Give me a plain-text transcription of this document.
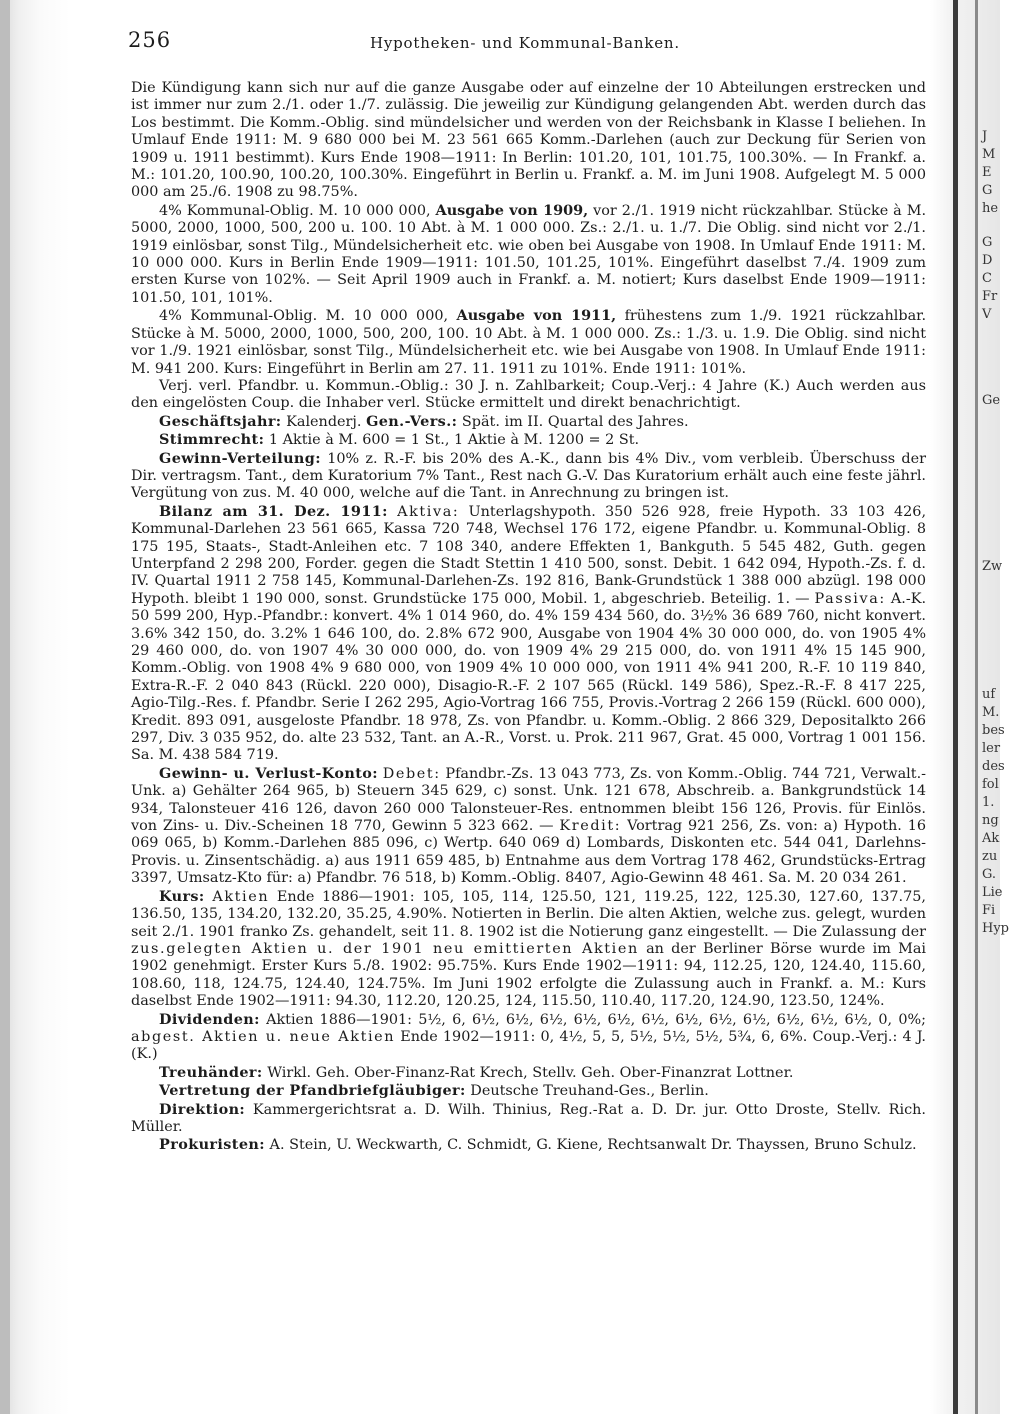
256	Hypotheken- und Kommunal-Banken.

Die Kündigung kann sich nur auf die ganze Ausgabe oder auf einzelne der 10 Abteilungen erstrecken und ist immer nur zum 2./1. oder 1./7. zulässig. Die jeweilig zur Kündigung gelangenden Abt. werden durch das Los bestimmt. Die Komm.-Oblig. sind mündelsicher und werden von der Reichsbank in Klasse I beliehen. In Umlauf Ende 1911: M. 9 680 000 bei M. 23 561 665 Komm.-Darlehen (auch zur Deckung für Serien von 1909 u. 1911 bestimmt). Kurs Ende 1908—1911: In Berlin: 101.20, 101, 101.75, 100.30%. — In Frankf. a. M.: 101.20, 100.90, 100.20, 100.30%. Eingeführt in Berlin u. Frankf. a. M. im Juni 1908. Aufgelegt M. 5 000 000 am 25./6. 1908 zu 98.75%.

4% Kommunal-Oblig. M. 10 000 000, Ausgabe von 1909, vor 2./1. 1919 nicht rückzahlbar. Stücke à M. 5000, 2000, 1000, 500, 200 u. 100. 10 Abt. à M. 1 000 000. Zs.: 2./1. u. 1./7. Die Oblig. sind nicht vor 2./1. 1919 einlösbar, sonst Tilg., Mündelsicherheit etc. wie oben bei Ausgabe von 1908. In Umlauf Ende 1911: M. 10 000 000. Kurs in Berlin Ende 1909—1911: 101.50, 101.25, 101%. Eingeführt daselbst 7./4. 1909 zum ersten Kurse von 102%. — Seit April 1909 auch in Frankf. a. M. notiert; Kurs daselbst Ende 1909—1911: 101.50, 101, 101%.

4% Kommunal-Oblig. M. 10 000 000, Ausgabe von 1911, frühestens zum 1./9. 1921 rückzahlbar. Stücke à M. 5000, 2000, 1000, 500, 200, 100. 10 Abt. à M. 1 000 000. Zs.: 1./3. u. 1.9. Die Oblig. sind nicht vor 1./9. 1921 einlösbar, sonst Tilg., Mündelsicherheit etc. wie bei Ausgabe von 1908. In Umlauf Ende 1911: M. 941 200. Kurs: Eingeführt in Berlin am 27. 11. 1911 zu 101%. Ende 1911: 101%.

Verj. verl. Pfandbr. u. Kommun.-Oblig.: 30 J. n. Zahlbarkeit; Coup.-Verj.: 4 Jahre (K.) Auch werden aus den eingelösten Coup. die Inhaber verl. Stücke ermittelt und direkt benachrichtigt.

Geschäftsjahr: Kalenderj. Gen.-Vers.: Spät. im II. Quartal des Jahres.

Stimmrecht: 1 Aktie à M. 600 = 1 St., 1 Aktie à M. 1200 = 2 St.

Gewinn-Verteilung: 10% z. R.-F. bis 20% des A.-K., dann bis 4% Div., vom verbleib. Überschuss der Dir. vertragsm. Tant., dem Kuratorium 7% Tant., Rest nach G.-V. Das Kuratorium erhält auch eine feste jährl. Vergütung von zus. M. 40 000, welche auf die Tant. in Anrechnung zu bringen ist.

Bilanz am 31. Dez. 1911: Aktiva: Unterlagshypoth. 350 526 928, freie Hypoth. 33 103 426, Kommunal-Darlehen 23 561 665, Kassa 720 748, Wechsel 176 172, eigene Pfandbr. u. Kommunal-Oblig. 8 175 195, Staats-, Stadt-Anleihen etc. 7 108 340, andere Effekten 1, Bankguth. 5 545 482, Guth. gegen Unterpfand 2 298 200, Forder. gegen die Stadt Stettin 1 410 500, sonst. Debit. 1 642 094, Hypoth.-Zs. f. d. IV. Quartal 1911 2 758 145, Kommunal-Darlehen-Zs. 192 816, Bank-Grundstück 1 388 000 abzügl. 198 000 Hypoth. bleibt 1 190 000, sonst. Grundstücke 175 000, Mobil. 1, abgeschrieb. Beteilig. 1. — Passiva: A.-K. 50 599 200, Hyp.-Pfandbr.: konvert. 4% 1 014 960, do. 4% 159 434 560, do. 3½% 36 689 760, nicht konvert. 3.6% 342 150, do. 3.2% 1 646 100, do. 2.8% 672 900, Ausgabe von 1904 4% 30 000 000, do. von 1905 4% 29 460 000, do. von 1907 4% 30 000 000, do. von 1909 4% 29 215 000, do. von 1911 4% 15 145 900, Komm.-Oblig. von 1908 4% 9 680 000, von 1909 4% 10 000 000, von 1911 4% 941 200, R.-F. 10 119 840, Extra-R.-F. 2 040 843 (Rückl. 220 000), Disagio-R.-F. 2 107 565 (Rückl. 149 586), Spez.-R.-F. 8 417 225, Agio-Tilg.-Res. f. Pfandbr. Serie I 262 295, Agio-Vortrag 166 755, Provis.-Vortrag 2 266 159 (Rückl. 600 000), Kredit. 893 091, ausgeloste Pfandbr. 18 978, Zs. von Pfandbr. u. Komm.-Oblig. 2 866 329, Depositalkto 266 297, Div. 3 035 952, do. alte 23 532, Tant. an A.-R., Vorst. u. Prok. 211 967, Grat. 45 000, Vortrag 1 001 156. Sa. M. 438 584 719.

Gewinn- u. Verlust-Konto: Debet: Pfandbr.-Zs. 13 043 773, Zs. von Komm.-Oblig. 744 721, Verwalt.-Unk. a) Gehälter 264 965, b) Steuern 345 629, c) sonst. Unk. 121 678, Abschreib. a. Bankgrundstück 14 934, Talonsteuer 416 126, davon 260 000 Talonsteuer-Res. entnommen bleibt 156 126, Provis. für Einlös. von Zins- u. Div.-Scheinen 18 770, Gewinn 5 323 662. — Kredit: Vortrag 921 256, Zs. von: a) Hypoth. 16 069 065, b) Komm.-Darlehen 885 096, c) Wertp. 640 069 d) Lombards, Diskonten etc. 544 041, Darlehns-Provis. u. Zinsentschädig. a) aus 1911 659 485, b) Entnahme aus dem Vortrag 178 462, Grundstücks-Ertrag 3397, Umsatz-Kto für: a) Pfandbr. 76 518, b) Komm.-Oblig. 8407, Agio-Gewinn 48 461. Sa. M. 20 034 261.

Kurs: Aktien Ende 1886—1901: 105, 105, 114, 125.50, 121, 119.25, 122, 125.30, 127.60, 137.75, 136.50, 135, 134.20, 132.20, 35.25, 4.90%. Notierten in Berlin. Die alten Aktien, welche zus. gelegt, wurden seit 2./1. 1901 franko Zs. gehandelt, seit 11. 8. 1902 ist die Notierung ganz eingestellt. — Die Zulassung der zus.gelegten Aktien u. der 1901 neu emittierten Aktien an der Berliner Börse wurde im Mai 1902 genehmigt. Erster Kurs 5./8. 1902: 95.75%. Kurs Ende 1902—1911: 94, 112.25, 120, 124.40, 115.60, 108.60, 118, 124.75, 124.40, 124.75%. Im Juni 1902 erfolgte die Zulassung auch in Frankf. a. M.: Kurs daselbst Ende 1902—1911: 94.30, 112.20, 120.25, 124, 115.50, 110.40, 117.20, 124.90, 123.50, 124%.

Dividenden: Aktien 1886—1901: 5½, 6, 6½, 6½, 6½, 6½, 6½, 6½, 6½, 6½, 6½, 6½, 6½, 6½, 0, 0%; abgest. Aktien u. neue Aktien Ende 1902—1911: 0, 4½, 5, 5, 5½, 5½, 5½, 5¾, 6, 6%. Coup.-Verj.: 4 J. (K.)

Treuhänder: Wirkl. Geh. Ober-Finanz-Rat Krech, Stellv. Geh. Ober-Finanzrat Lottner.

Vertretung der Pfandbriefgläubiger: Deutsche Treuhand-Ges., Berlin.

Direktion: Kammergerichtsrat a. D. Wilh. Thinius, Reg.-Rat a. D. Dr. jur. Otto Droste, Stellv. Rich. Müller.

Prokuristen: A. Stein, U. Weckwarth, C. Schmidt, G. Kiene, Rechtsanwalt Dr. Thayssen, Bruno Schulz.

J
M
E
G
he
G
D
C
Fr
V
Ge
Zw
uf
M.
bes
ler
des
fol
1.
ng
Ak
zu
G.
Lie
Fi
Hyp
